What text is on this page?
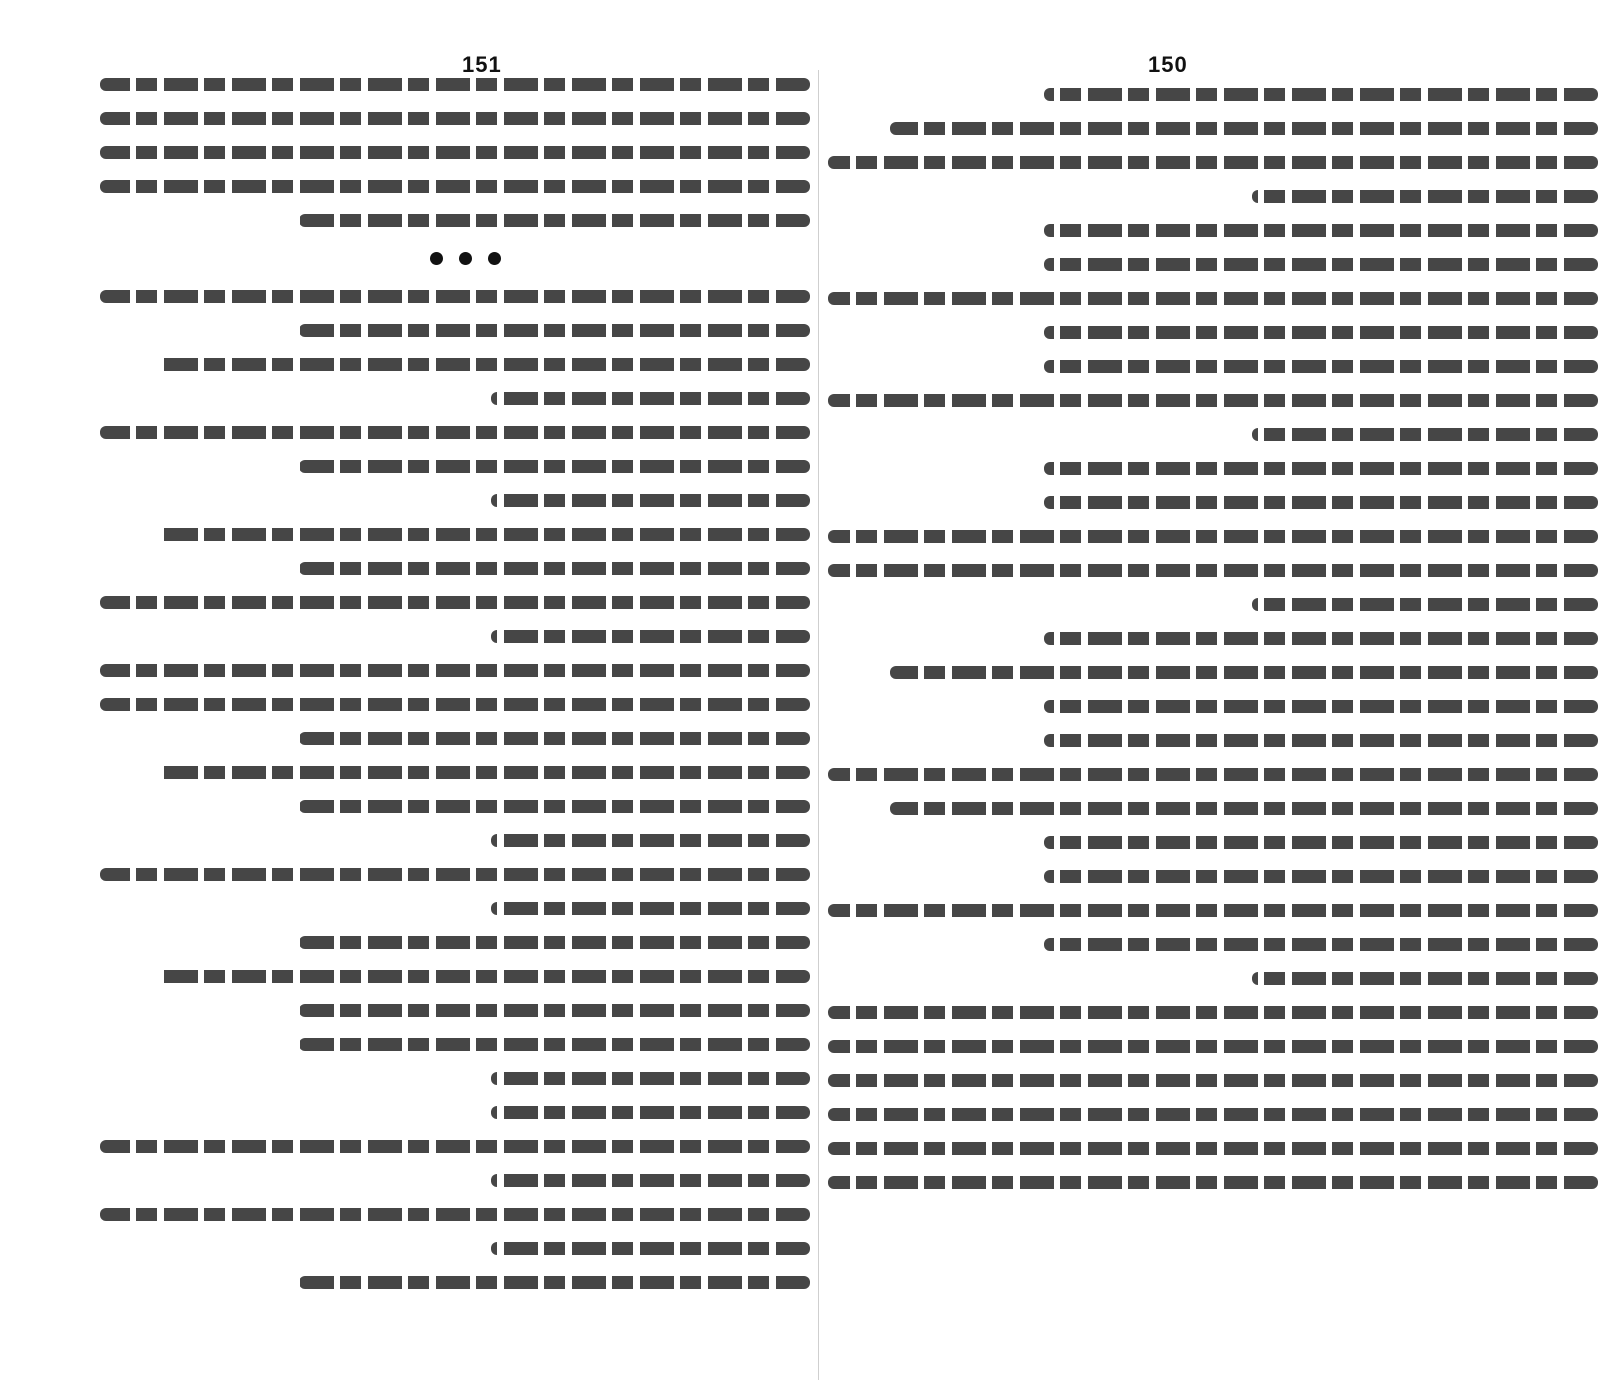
151	150
